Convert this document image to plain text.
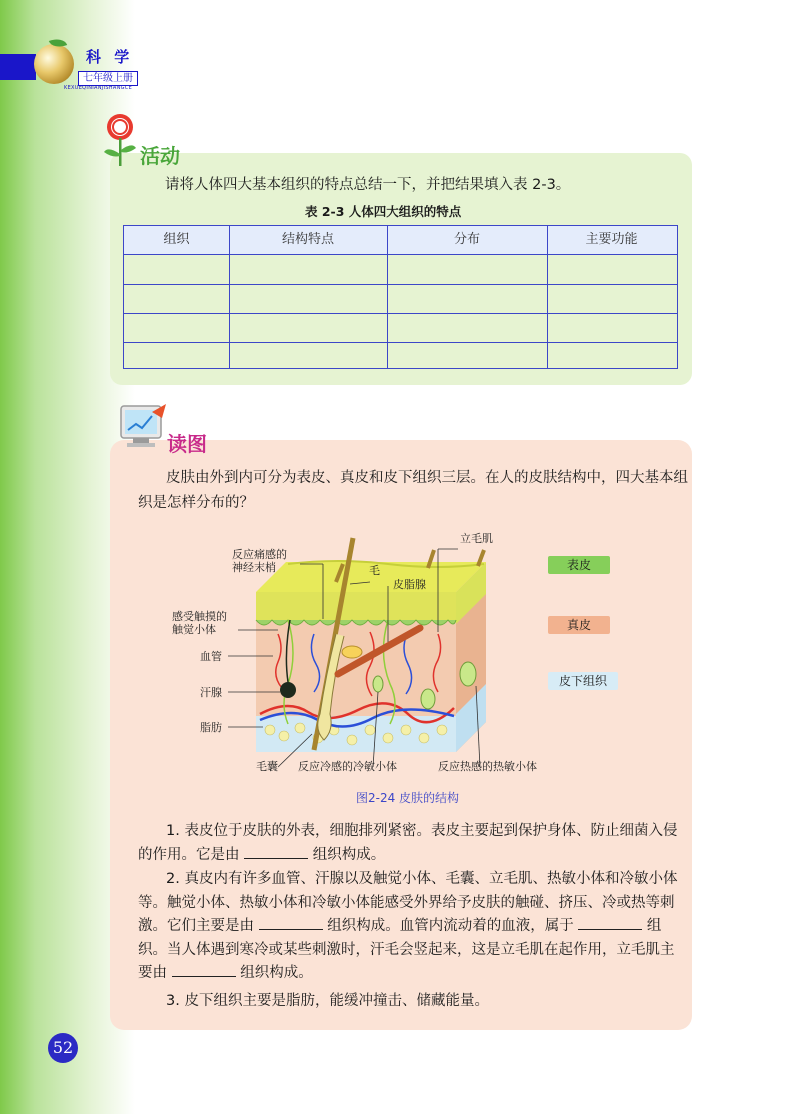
科 学
七年级上册
KEXUEQINIANJISHANGCE
活动
请将人体四大基本组织的特点总结一下，并把结果填入表 2-3。
表 2-3 人体四大组织的特点
组织	结构特点	分布	主要功能
读图
皮肤由外到内可分为表皮、真皮和皮下组织三层。在人的皮肤结构中，四大基本组织是怎样分布的？
反应痛感的
神经末梢	毛
立毛肌
皮脂腺
感受触摸的
触觉小体
血管
汗腺
脂肪
毛囊 反应冷感的冷敏小体	反应热感的热敏小体
表皮
真皮
皮下组织
图2-24 皮肤的结构
1. 表皮位于皮肤的外表，细胞排列紧密。表皮主要起到保护身体、防止细菌入侵的作用。它是由	组织构成。
2. 真皮内有许多血管、汗腺以及触觉小体、毛囊、立毛肌、热敏小体和冷敏小体等。触觉小体、热敏小体和冷敏小体能感受外界给予皮肤的触碰、挤压、冷或热等刺激。它们主要是由	组织构成。血管内流动着的血液，属于	组织。当人体遇到寒冷或某些刺激时，汗毛会竖起来，这是立毛肌在起作用，立毛肌主要由	组织构成。
3. 皮下组织主要是脂肪，能缓冲撞击、储藏能量。
52
